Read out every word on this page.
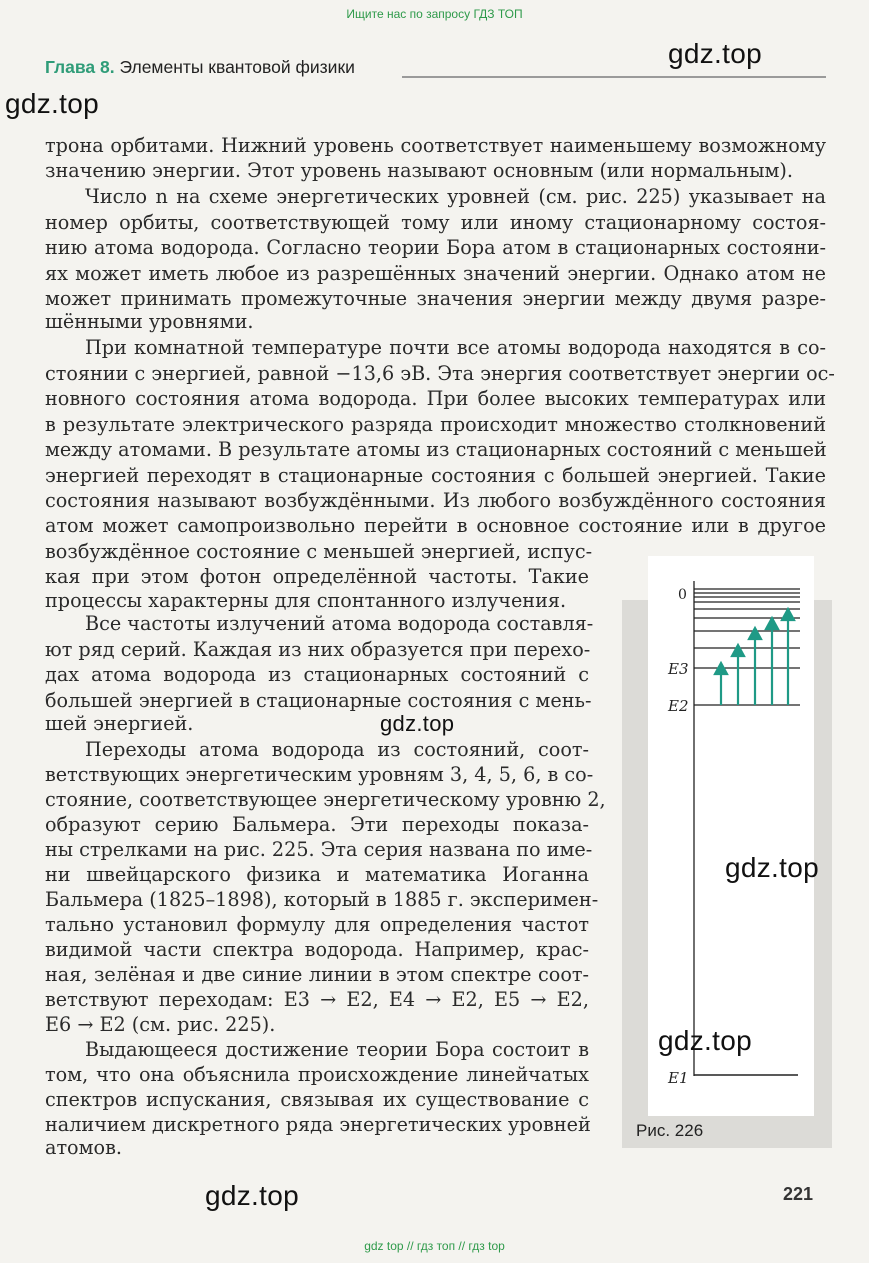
Ищите нас по запросу ГДЗ ТОП
Глава 8. Элементы квантовой физики	gdz.top
gdz.top
трона орбитами. Нижний уровень соответствует наименьшему возможному
значению энергии. Этот уровень называют основным (или нормальным).
Число n на схеме энергетических уровней (см. рис. 225) указывает на
номер орбиты, соответствующей тому или иному стационарному состоя-
нию атома водорода. Согласно теории Бора атом в стационарных состояни-
ях может иметь любое из разрешённых значений энергии. Однако атом не
может принимать промежуточные значения энергии между двумя разре-
шёнными уровнями.
При комнатной температуре почти все атомы водорода находятся в со-
стоянии с энергией, равной −13,6 эВ. Эта энергия соответствует энергии ос-
новного состояния атома водорода. При более высоких температурах или
в результате электрического разряда происходит множество столкновений
между атомами. В результате атомы из стационарных состояний с меньшей
энергией переходят в стационарные состояния с большей энергией. Такие
состояния называют возбуждёнными. Из любого возбуждённого состояния
атом может самопроизвольно перейти в основное состояние или в другое
0
E3
E2
E1
Рис. 226
возбуждённое состояние с меньшей энергией, испус-
кая при этом фотон определённой частоты. Такие
процессы характерны для спонтанного излучения.
Все частоты излучений атома водорода составля-
ют ряд серий. Каждая из них образуется при перехо-
дах атома водорода из стационарных состояний с
большей энергией в стационарные состояния с мень-
шей энергией.	gdz.top
Переходы атома водорода из состояний, соот-
ветствующих энергетическим уровням 3, 4, 5, 6, в со-
стояние, соответствующее энергетическому уровню 2,
образуют серию Бальмера. Эти переходы показа-
ны стрелками на рис. 225. Эта серия названа по име-
ни швейцарского физика и математика Иоганна
Бальмера (1825–1898), который в 1885 г. эксперимен-
тально установил формулу для определения частот
видимой части спектра водорода. Например, крас-
ная, зелёная и две синие линии в этом спектре соот-
ветствуют переходам: E3 → E2, E4 → E2, E5 → E2,
E6 → E2 (см. рис. 225).
gdz.top
gdz.top
Выдающееся достижение теории Бора состоит в
том, что она объяснила происхождение линейчатых
спектров испускания, связывая их существование с
наличием дискретного ряда энергетических уровней
атомов.
gdz.top	221
gdz top // гдз топ // гдз top
